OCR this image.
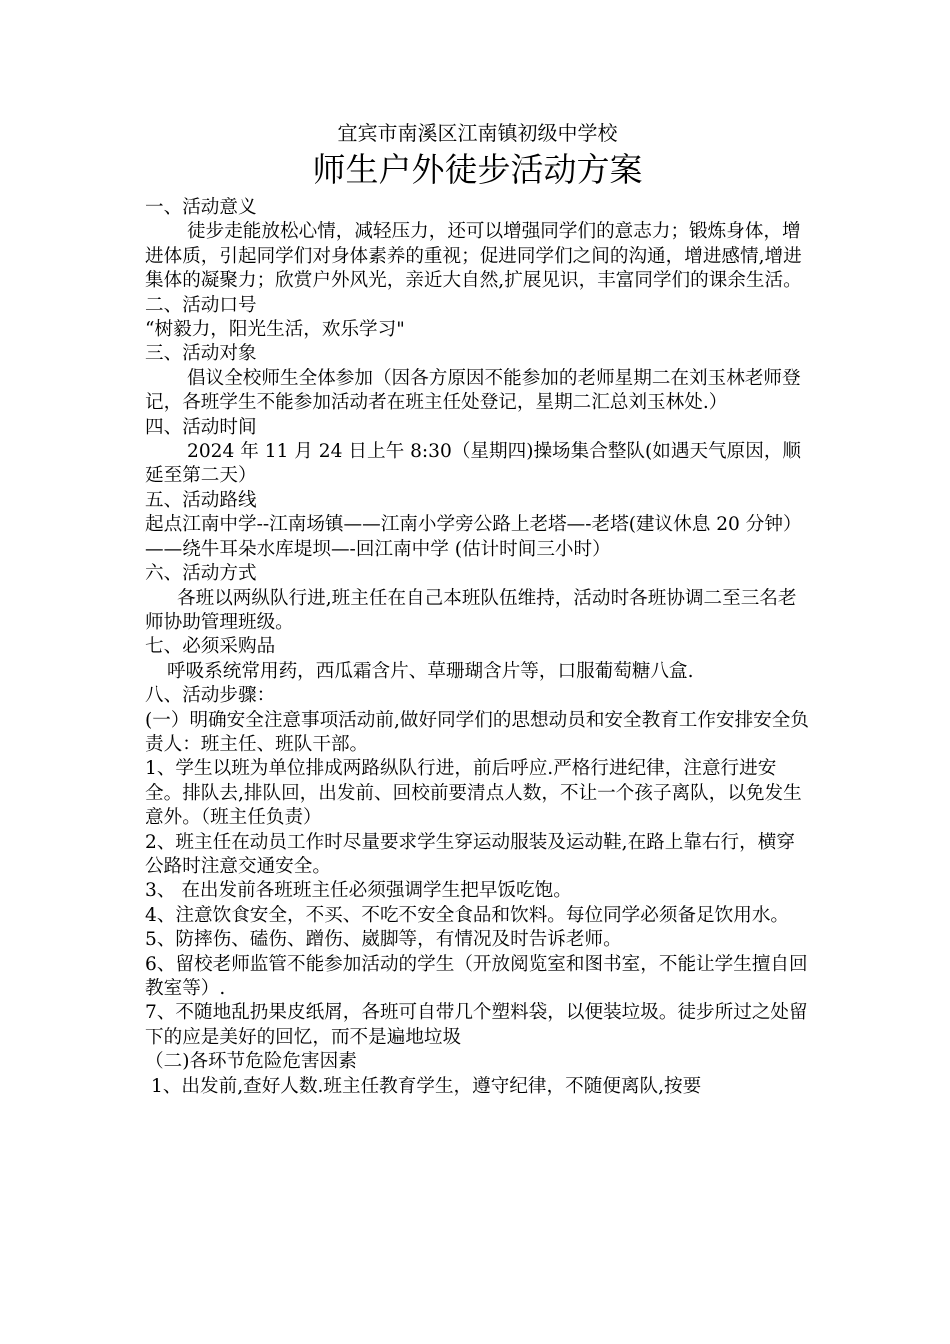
宜宾市南溪区江南镇初级中学校

师生户外徒步活动方案

一、活动意义

徒步走能放松心情，减轻压力，还可以增强同学们的意志力；锻炼身体，增进体质，引起同学们对身体素养的重视；促进同学们之间的沟通，增进感情,增进集体的凝聚力；欣赏户外风光，亲近大自然,扩展见识，丰富同学们的课余生活。

二、活动口号

“树毅力，阳光生活，欢乐学习"

三、活动对象

倡议全校师生全体参加（因各方原因不能参加的老师星期二在刘玉林老师登记，各班学生不能参加活动者在班主任处登记，星期二汇总刘玉林处.）

四、活动时间

2024 年 11 月 24 日上午 8:30（星期四)操场集合整队(如遇天气原因，顺延至第二天）

五、活动路线

起点江南中学--江南场镇——江南小学旁公路上老塔—-老塔(建议休息 20 分钟）——绕牛耳朵水库堤坝—-回江南中学 (估计时间三小时）

六、活动方式

各班以两纵队行进,班主任在自己本班队伍维持，活动时各班协调二至三名老师协助管理班级。

七、必须采购品

呼吸系统常用药，西瓜霜含片、草珊瑚含片等，口服葡萄糖八盒.

八、活动步骤：

(一）明确安全注意事项活动前,做好同学们的思想动员和安全教育工作安排安全负责人：班主任、班队干部。

1、学生以班为单位排成两路纵队行进，前后呼应.严格行进纪律，注意行进安全。排队去,排队回，出发前、回校前要清点人数，不让一个孩子离队，以免发生意外。（班主任负责）

2、班主任在动员工作时尽量要求学生穿运动服装及运动鞋,在路上靠右行，横穿公路时注意交通安全。

3、 在出发前各班班主任必须强调学生把早饭吃饱。

4、注意饮食安全，不买、不吃不安全食品和饮料。每位同学必须备足饮用水。

5、防摔伤、磕伤、蹭伤、崴脚等，有情况及时告诉老师。

6、留校老师监管不能参加活动的学生（开放阅览室和图书室，不能让学生擅自回教室等）.

7、不随地乱扔果皮纸屑，各班可自带几个塑料袋，以便装垃圾。徒步所过之处留下的应是美好的回忆，而不是遍地垃圾

（二)各环节危险危害因素

1、出发前,查好人数.班主任教育学生，遵守纪律，不随便离队,按要
